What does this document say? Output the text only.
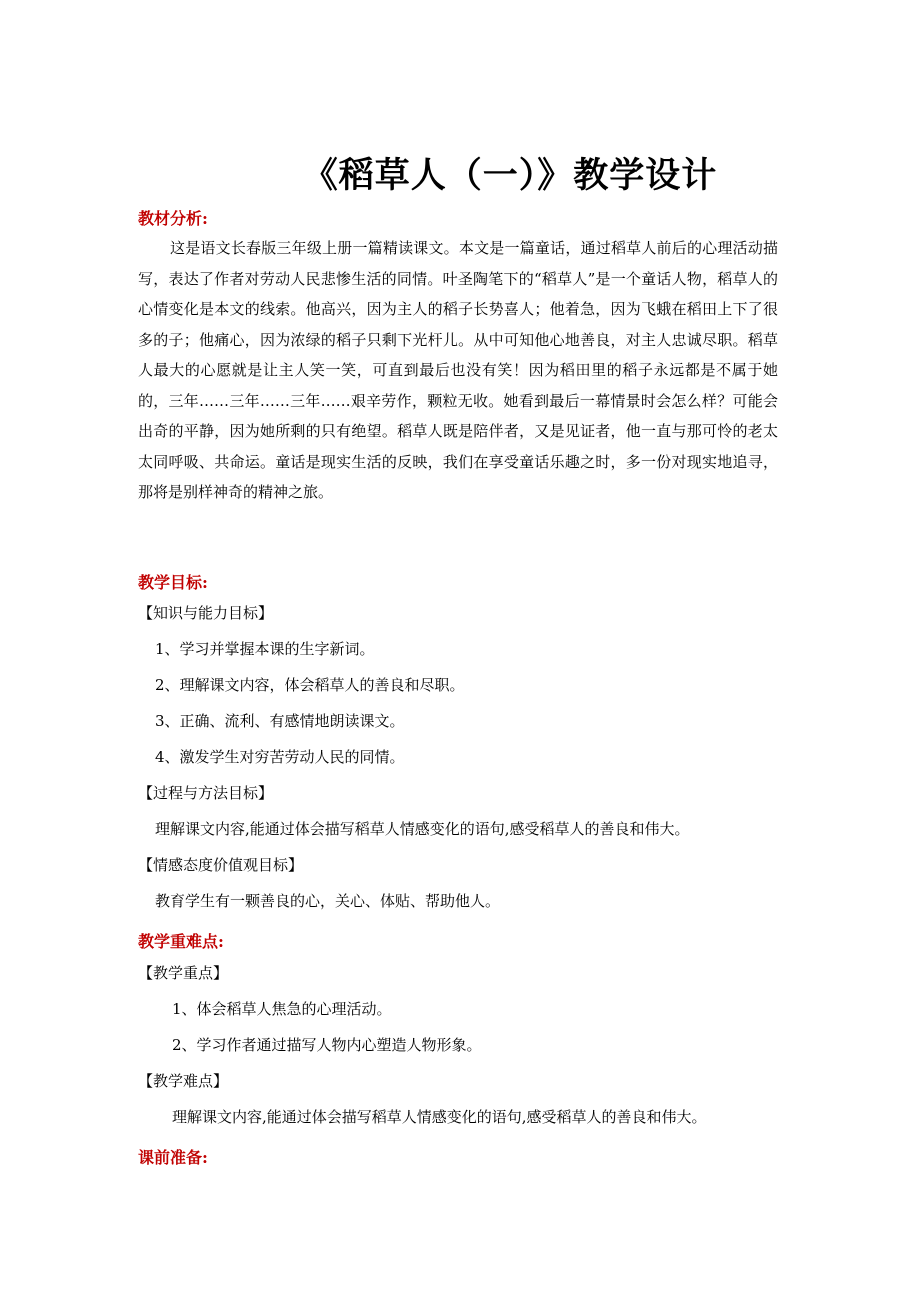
《稻草人（一）》教学设计
教材分析:

这是语文长春版三年级上册一篇精读课文。本文是一篇童话，通过稻草人前后的心理活动描写，表达了作者对劳动人民悲惨生活的同情。叶圣陶笔下的“稻草人”是一个童话人物，稻草人的心情变化是本文的线索。他高兴，因为主人的稻子长势喜人；他着急，因为飞蛾在稻田上下了很多的子；他痛心，因为浓绿的稻子只剩下光杆儿。从中可知他心地善良，对主人忠诚尽职。稻草人最大的心愿就是让主人笑一笑，可直到最后也没有笑！因为稻田里的稻子永远都是不属于她的，三年……三年……三年……艰辛劳作，颗粒无收。她看到最后一幕情景时会怎么样？可能会出奇的平静，因为她所剩的只有绝望。稻草人既是陪伴者，又是见证者，他一直与那可怜的老太太同呼吸、共命运。童话是现实生活的反映，我们在享受童话乐趣之时，多一份对现实地追寻，那将是别样神奇的精神之旅。

教学目标:
【知识与能力目标】
1、学习并掌握本课的生字新词。
2、理解课文内容，体会稻草人的善良和尽职。
3、正确、流利、有感情地朗读课文。
4、激发学生对穷苦劳动人民的同情。
【过程与方法目标】
理解课文内容,能通过体会描写稻草人情感变化的语句,感受稻草人的善良和伟大。
【情感态度价值观目标】
教育学生有一颗善良的心，关心、体贴、帮助他人。
教学重难点:
【教学重点】
1、体会稻草人焦急的心理活动。
2、学习作者通过描写人物内心塑造人物形象。
【教学难点】
理解课文内容,能通过体会描写稻草人情感变化的语句,感受稻草人的善良和伟大。
课前准备:
